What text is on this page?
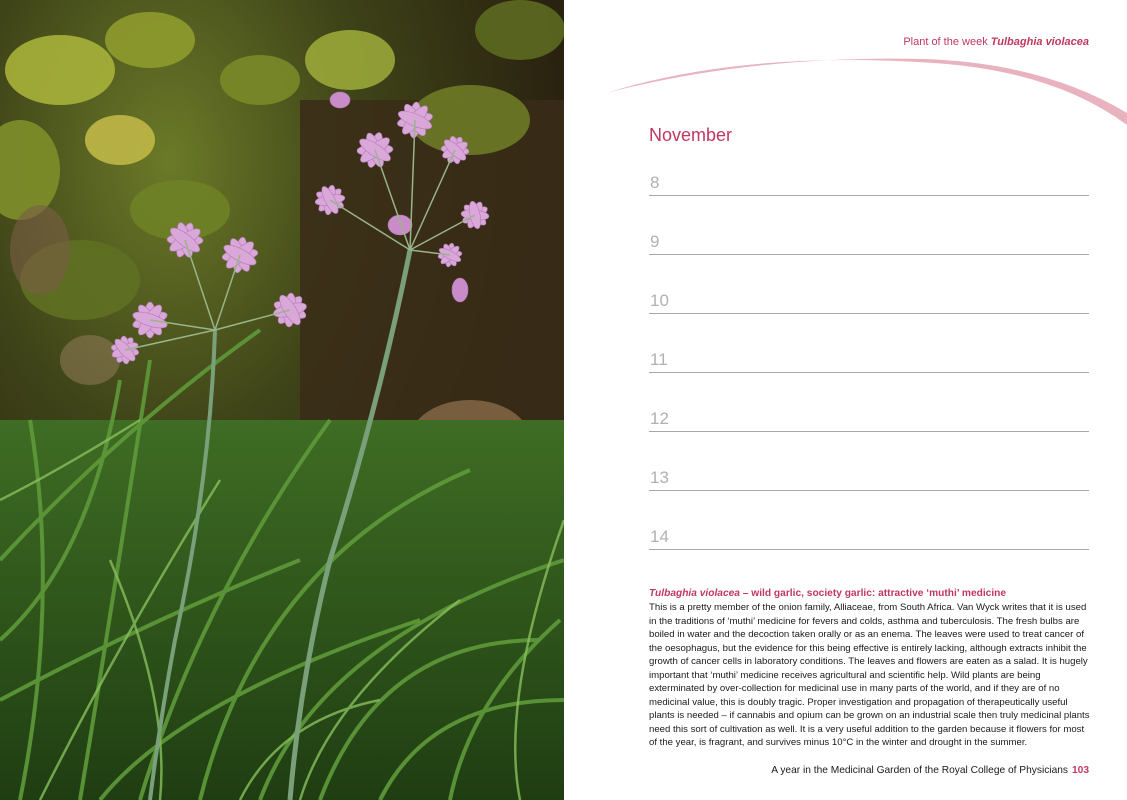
Plant of the week Tulbaghia violacea
November
8
9
10
11
12
13
14
Tulbaghia violacea – wild garlic, society garlic: attractive ‘muthi’ medicine

This is a pretty member of the onion family, Alliaceae, from South Africa. Van Wyck writes that it is used in the traditions of ‘muthi’ medicine for fevers and colds, asthma and tuberculosis. The fresh bulbs are boiled in water and the decoction taken orally or as an enema. The leaves were used to treat cancer of the oesophagus, but the evidence for this being effective is entirely lacking, although extracts inhibit the growth of cancer cells in laboratory conditions. The leaves and flowers are eaten as a salad. It is hugely important that ‘muthi’ medicine receives agricultural and scientific help. Wild plants are being exterminated by over-collection for medicinal use in many parts of the world, and if they are of no medicinal value, this is doubly tragic. Proper investigation and propagation of therapeutically useful plants is needed – if cannabis and opium can be grown on an industrial scale then truly medicinal plants need this sort of cultivation as well. It is a very useful addition to the garden because it flowers for most of the year, is fragrant, and survives minus 10°C in the winter and drought in the summer.

A year in the Medicinal Garden of the Royal College of Physicians 103
